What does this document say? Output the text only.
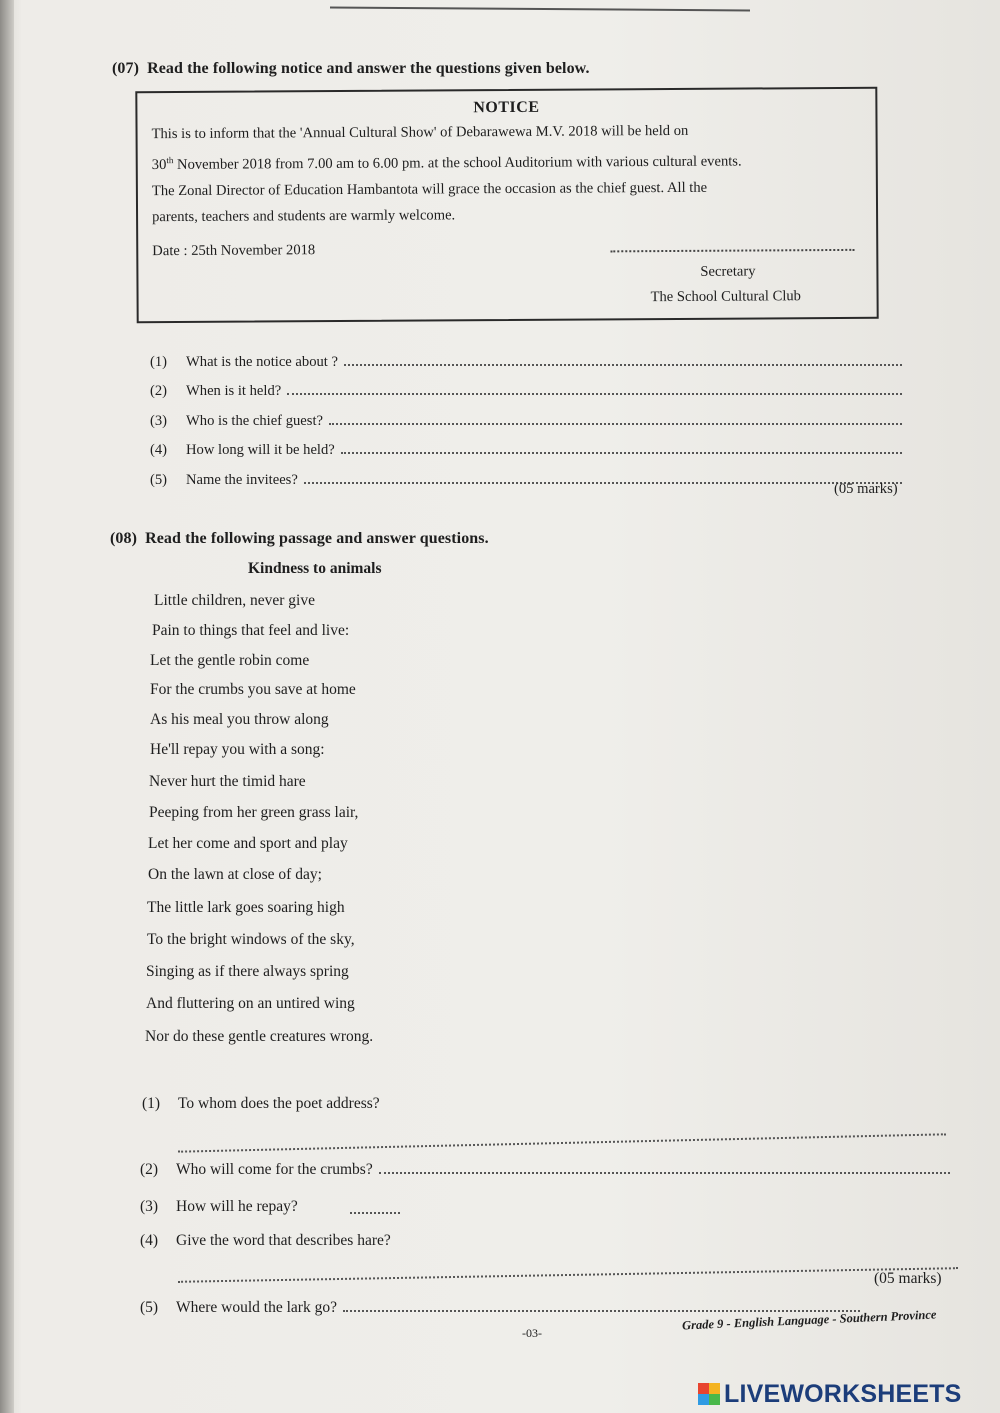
(07) Read the following notice and answer the questions given below.
NOTICE
This is to inform that the 'Annual Cultural Show' of Debarawewa M.V. 2018 will be held on
30th November 2018 from 7.00 am to 6.00 pm. at the school Auditorium with various cultural events.
The Zonal Director of Education Hambantota will grace the occasion as the chief guest. All the
parents, teachers and students are warmly welcome.
Date : 25th November 2018
Secretary
The School Cultural Club
(1)	What is the notice about ?
(2)	When is it held?
(3)	Who is the chief guest?
(4)	How long will it be held?
(5)	Name the invitees?
(05 marks)
(08) Read the following passage and answer questions.
Kindness to animals
Little children, never give
Pain to things that feel and live:
Let the gentle robin come
For the crumbs you save at home
As his meal you throw along
He'll repay you with a song:
Never hurt the timid hare
Peeping from her green grass lair,
Let her come and sport and play
On the lawn at close of day;
The little lark goes soaring high
To the bright windows of the sky,
Singing as if there always spring
And fluttering on an untired wing
Nor do these gentle creatures wrong.
(1)	To whom does the poet address?
(2)	Who will come for the crumbs?
(3)	How will he repay?
(4)	Give the word that describes hare?
(05 marks)
(5)	Where would the lark go?
-03-
Grade 9 - English Language - Southern Province
LIVEWORKSHEETS
